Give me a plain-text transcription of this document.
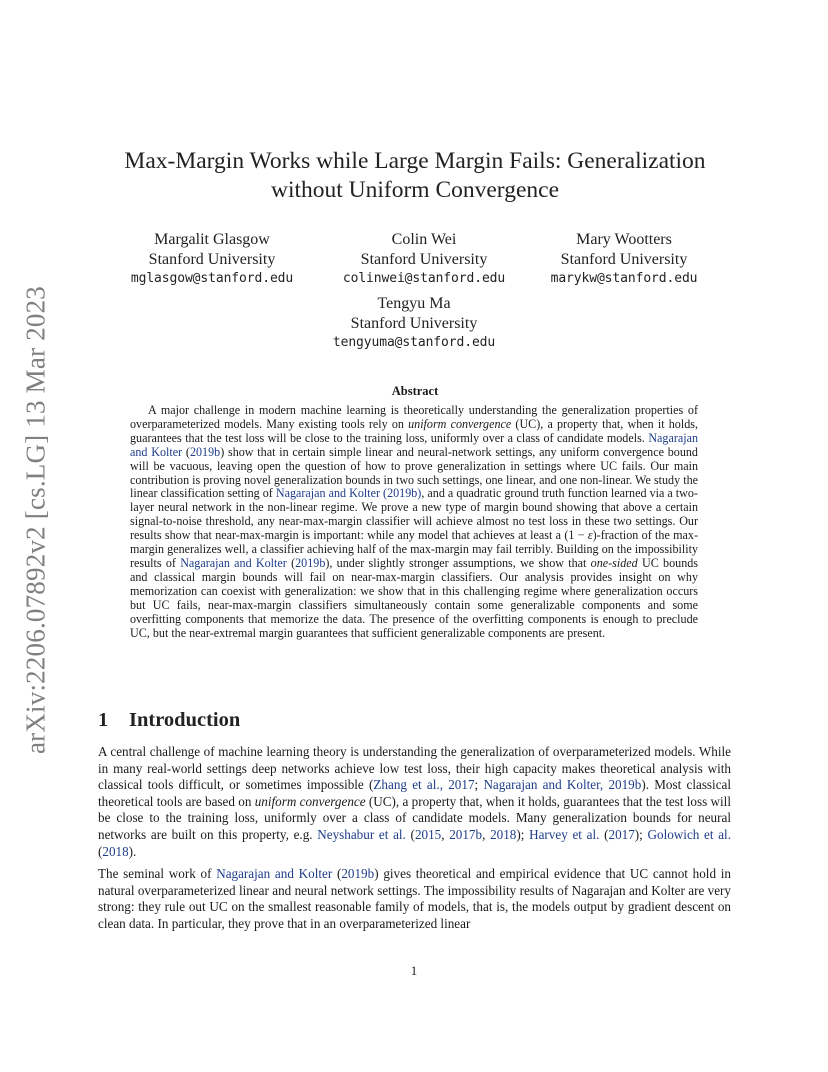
arXiv:2206.07892v2 [cs.LG] 13 Mar 2023
Max-Margin Works while Large Margin Fails: Generalization
without Uniform Convergence
Margalit Glasgow
Stanford University
mglasgow@stanford.edu
Colin Wei
Stanford University
colinwei@stanford.edu
Mary Wootters
Stanford University
marykw@stanford.edu
Tengyu Ma
Stanford University
tengyuma@stanford.edu
Abstract

A major challenge in modern machine learning is theoretically understanding the generalization properties of overparameterized models. Many existing tools rely on uniform convergence (UC), a property that, when it holds, guarantees that the test loss will be close to the training loss, uniformly over a class of candidate models. Nagarajan and Kolter (2019b) show that in certain simple linear and neural-network settings, any uniform convergence bound will be vacuous, leaving open the question of how to prove generalization in settings where UC fails. Our main contribution is proving novel generalization bounds in two such settings, one linear, and one non-linear. We study the linear classification setting of Nagarajan and Kolter (2019b), and a quadratic ground truth function learned via a two-layer neural network in the non-linear regime. We prove a new type of margin bound showing that above a certain signal-to-noise threshold, any near-max-margin classifier will achieve almost no test loss in these two settings. Our results show that near-max-margin is important: while any model that achieves at least a (1 − ε)-fraction of the max-margin generalizes well, a classifier achieving half of the max-margin may fail terribly. Building on the impossibility results of Nagarajan and Kolter (2019b), under slightly stronger assumptions, we show that one-sided UC bounds and classical margin bounds will fail on near-max-margin classifiers. Our analysis provides insight on why memorization can coexist with generalization: we show that in this challenging regime where generalization occurs but UC fails, near-max-margin classifiers simultaneously contain some generalizable components and some overfitting components that memorize the data. The presence of the overfitting components is enough to preclude UC, but the near-extremal margin guarantees that sufficient generalizable components are present.

1 Introduction

A central challenge of machine learning theory is understanding the generalization of overparameterized models. While in many real-world settings deep networks achieve low test loss, their high capacity makes theoretical analysis with classical tools difficult, or sometimes impossible (Zhang et al., 2017; Nagarajan and Kolter, 2019b). Most classical theoretical tools are based on uniform convergence (UC), a property that, when it holds, guarantees that the test loss will be close to the training loss, uniformly over a class of candidate models. Many generalization bounds for neural networks are built on this property, e.g. Neyshabur et al. (2015, 2017b, 2018); Harvey et al. (2017); Golowich et al. (2018).

The seminal work of Nagarajan and Kolter (2019b) gives theoretical and empirical evidence that UC cannot hold in natural overparameterized linear and neural network settings. The impossibility results of Nagarajan and Kolter are very strong: they rule out UC on the smallest reasonable family of models, that is, the models output by gradient descent on clean data. In particular, they prove that in an overparameterized linear

1
